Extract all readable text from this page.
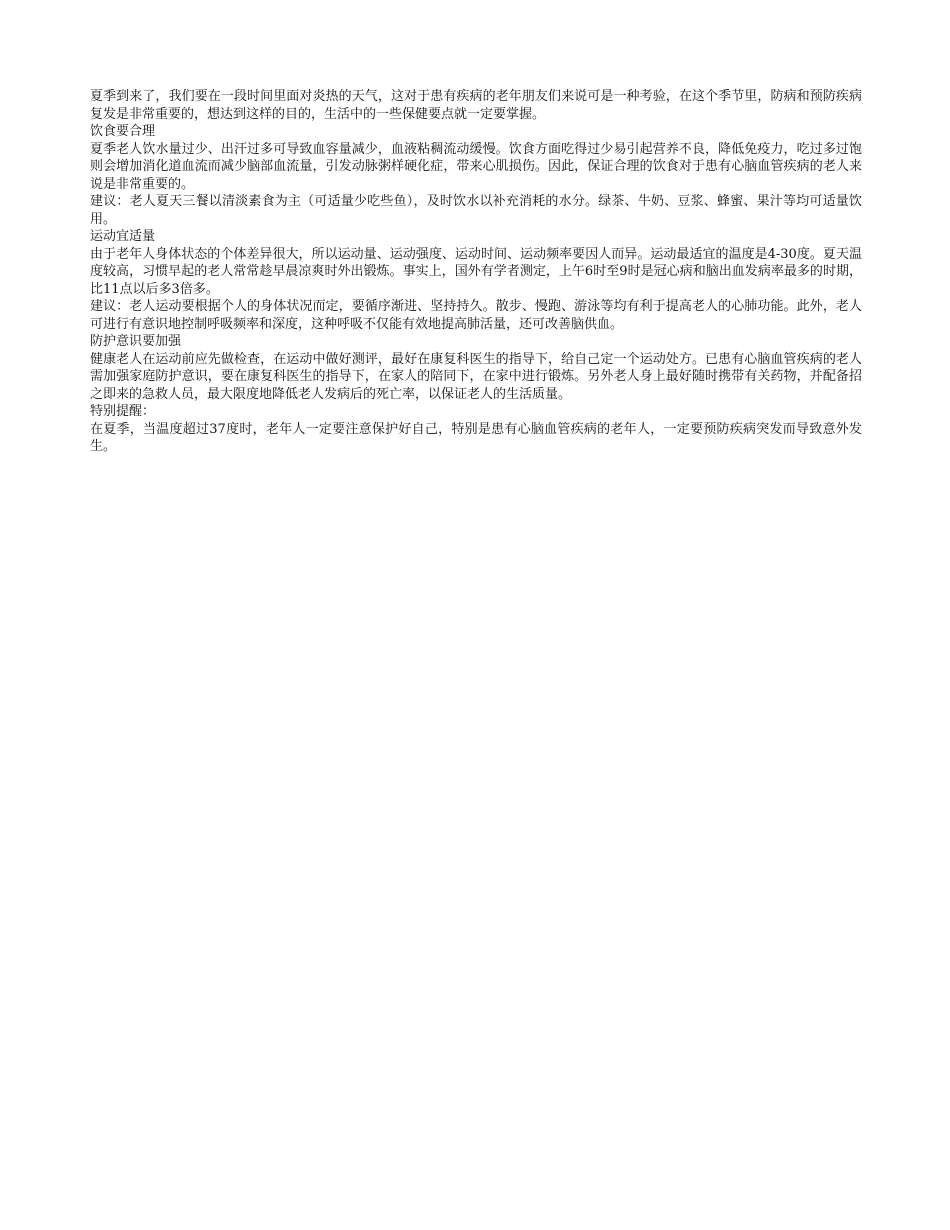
夏季到来了，我们要在一段时间里面对炎热的天气，这对于患有疾病的老年朋友们来说可是一种考验，在这个季节里，防病和预防疾病复发是非常重要的，想达到这样的目的，生活中的一些保健要点就一定要掌握。

饮食要合理

夏季老人饮水量过少、出汗过多可导致血容量减少，血液粘稠流动缓慢。饮食方面吃得过少易引起营养不良，降低免疫力，吃过多过饱则会增加消化道血流而减少脑部血流量，引发动脉粥样硬化症，带来心肌损伤。因此，保证合理的饮食对于患有心脑血管疾病的老人来说是非常重要的。

建议：老人夏天三餐以清淡素食为主（可适量少吃些鱼），及时饮水以补充消耗的水分。绿茶、牛奶、豆浆、蜂蜜、果汁等均可适量饮用。

运动宜适量

由于老年人身体状态的个体差异很大，所以运动量、运动强度、运动时间、运动频率要因人而异。运动最适宜的温度是4-30度。夏天温度较高，习惯早起的老人常常趁早晨凉爽时外出锻炼。事实上，国外有学者测定，上午6时至9时是冠心病和脑出血发病率最多的时期，比11点以后多3倍多。

建议：老人运动要根据个人的身体状况而定，要循序渐进、坚持持久。散步、慢跑、游泳等均有利于提高老人的心肺功能。此外，老人可进行有意识地控制呼吸频率和深度，这种呼吸不仅能有效地提高肺活量，还可改善脑供血。

防护意识要加强

健康老人在运动前应先做检查，在运动中做好测评，最好在康复科医生的指导下，给自己定一个运动处方。已患有心脑血管疾病的老人需加强家庭防护意识，要在康复科医生的指导下，在家人的陪同下，在家中进行锻炼。另外老人身上最好随时携带有关药物，并配备招之即来的急救人员，最大限度地降低老人发病后的死亡率，以保证老人的生活质量。

特别提醒：

在夏季，当温度超过37度时，老年人一定要注意保护好自己，特别是患有心脑血管疾病的老年人，一定要预防疾病突发而导致意外发生。
